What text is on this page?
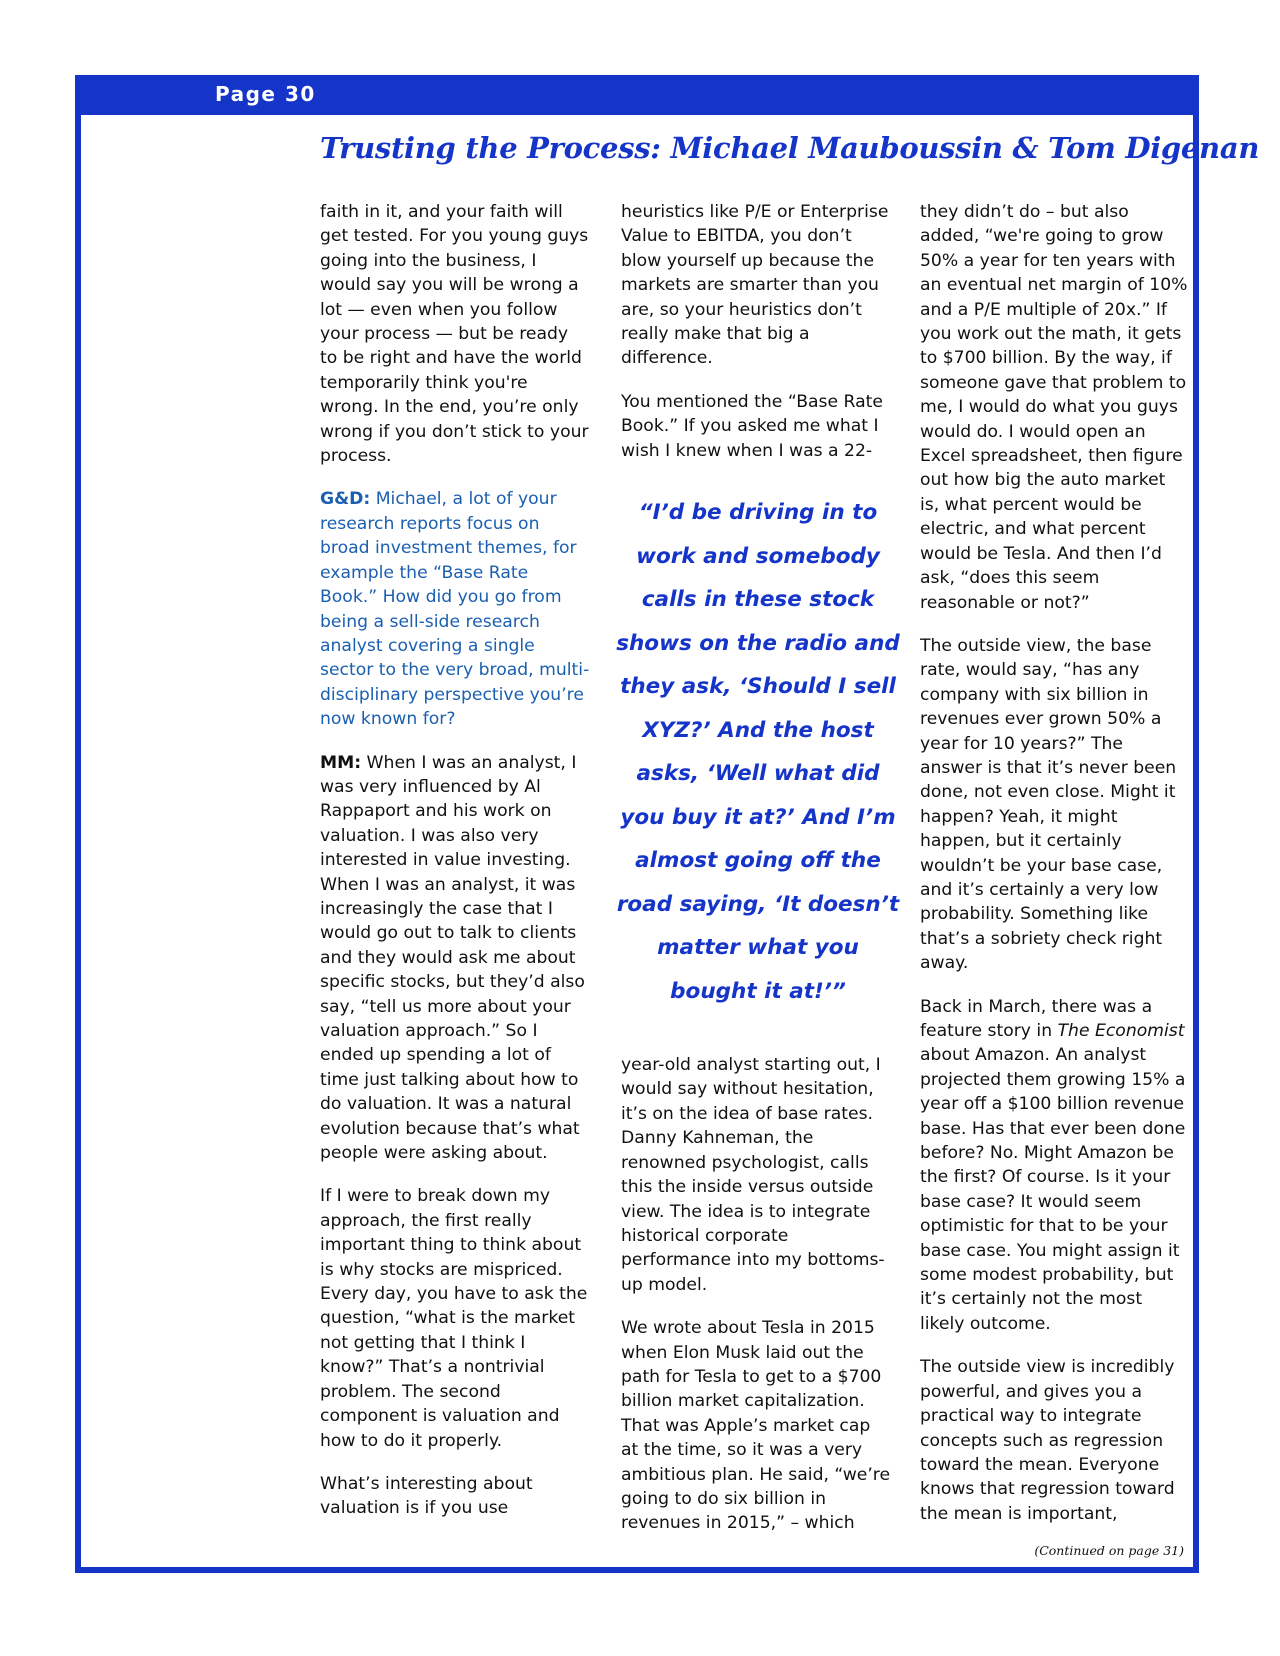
Page 30
Trusting the Process: Michael Mauboussin & Tom Digenan

faith in it, and your faith will get tested. For you young guys going into the business, I would say you will be wrong a lot — even when you follow your process — but be ready to be right and have the world temporarily think you're wrong. In the end, you’re only wrong if you don’t stick to your process.

G&D: Michael, a lot of your research reports focus on broad investment themes, for example the “Base Rate Book.” How did you go from being a sell-side research analyst covering a single sector to the very broad, multi-disciplinary perspective you’re now known for?

MM: When I was an analyst, I was very influenced by Al Rappaport and his work on valuation. I was also very interested in value investing. When I was an analyst, it was increasingly the case that I would go out to talk to clients and they would ask me about specific stocks, but they’d also say, “tell us more about your valuation approach.” So I ended up spending a lot of time just talking about how to do valuation. It was a natural evolution because that’s what people were asking about.

If I were to break down my approach, the first really important thing to think about is why stocks are mispriced. Every day, you have to ask the question, “what is the market not getting that I think I know?” That’s a nontrivial problem. The second component is valuation and how to do it properly.

What’s interesting about valuation is if you use

heuristics like P/E or Enterprise Value to EBITDA, you don’t blow yourself up because the markets are smarter than you are, so your heuristics don’t really make that big a difference.

You mentioned the “Base Rate Book.” If you asked me what I wish I knew when I was a 22-

“I’d be driving in to work and somebody calls in these stock shows on the radio and they ask, ‘Should I sell XYZ?’ And the host asks, ‘Well what did you buy it at?’ And I’m almost going off the road saying, ‘It doesn’t matter what you bought it at!’”

year-old analyst starting out, I would say without hesitation, it’s on the idea of base rates. Danny Kahneman, the renowned psychologist, calls this the inside versus outside view. The idea is to integrate historical corporate performance into my bottoms-up model.

We wrote about Tesla in 2015 when Elon Musk laid out the path for Tesla to get to a $700 billion market capitalization. That was Apple’s market cap at the time, so it was a very ambitious plan. He said, “we’re going to do six billion in revenues in 2015,” – which

they didn’t do – but also added, “we're going to grow 50% a year for ten years with an eventual net margin of 10% and a P/E multiple of 20x.” If you work out the math, it gets to $700 billion. By the way, if someone gave that problem to me, I would do what you guys would do. I would open an Excel spreadsheet, then figure out how big the auto market is, what percent would be electric, and what percent would be Tesla. And then I’d ask, “does this seem reasonable or not?”

The outside view, the base rate, would say, “has any company with six billion in revenues ever grown 50% a year for 10 years?” The answer is that it’s never been done, not even close. Might it happen? Yeah, it might happen, but it certainly wouldn’t be your base case, and it’s certainly a very low probability. Something like that’s a sobriety check right away.

Back in March, there was a feature story in The Economist about Amazon. An analyst projected them growing 15% a year off a $100 billion revenue base. Has that ever been done before? No. Might Amazon be the first? Of course. Is it your base case? It would seem optimistic for that to be your base case. You might assign it some modest probability, but it’s certainly not the most likely outcome.

The outside view is incredibly powerful, and gives you a practical way to integrate concepts such as regression toward the mean. Everyone knows that regression toward the mean is important,

(Continued on page 31)
